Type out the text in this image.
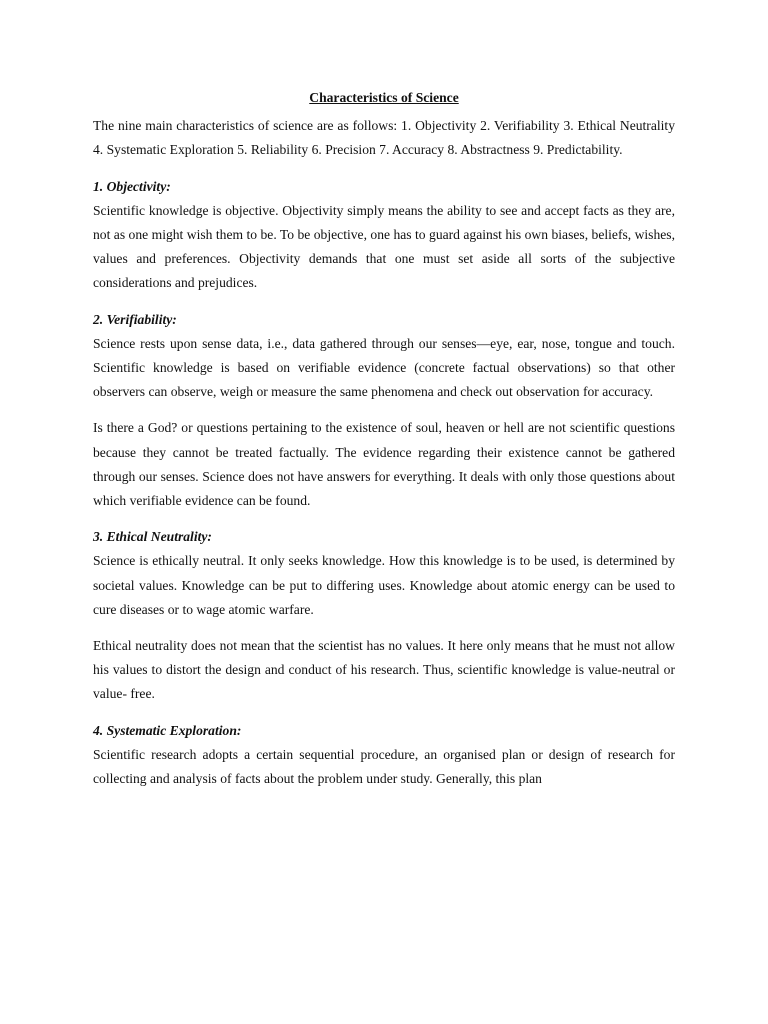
Characteristics of Science

The nine main characteristics of science are as follows: 1. Objectivity 2. Verifiability 3. Ethical Neutrality 4. Systematic Exploration 5. Reliability 6. Precision 7. Accuracy 8. Abstractness 9. Predictability.

1. Objectivity:

Scientific knowledge is objective. Objectivity simply means the ability to see and accept facts as they are, not as one might wish them to be. To be objective, one has to guard against his own biases, beliefs, wishes, values and preferences. Objectivity demands that one must set aside all sorts of the subjective considerations and prejudices.

2. Verifiability:

Science rests upon sense data, i.e., data gathered through our senses—eye, ear, nose, tongue and touch. Scientific knowledge is based on verifiable evidence (concrete factual observations) so that other observers can observe, weigh or measure the same phenomena and check out observation for accuracy.

Is there a God? or questions pertaining to the existence of soul, heaven or hell are not scientific questions because they cannot be treated factually. The evidence regarding their existence cannot be gathered through our senses. Science does not have answers for everything. It deals with only those questions about which verifiable evidence can be found.

3. Ethical Neutrality:

Science is ethically neutral. It only seeks knowledge. How this knowledge is to be used, is determined by societal values. Knowledge can be put to differing uses. Knowledge about atomic energy can be used to cure diseases or to wage atomic warfare.

Ethical neutrality does not mean that the scientist has no values. It here only means that he must not allow his values to distort the design and conduct of his research. Thus, scientific knowledge is value-neutral or value- free.

4. Systematic Exploration:

Scientific research adopts a certain sequential procedure, an organised plan or design of research for collecting and analysis of facts about the problem under study. Generally, this plan
